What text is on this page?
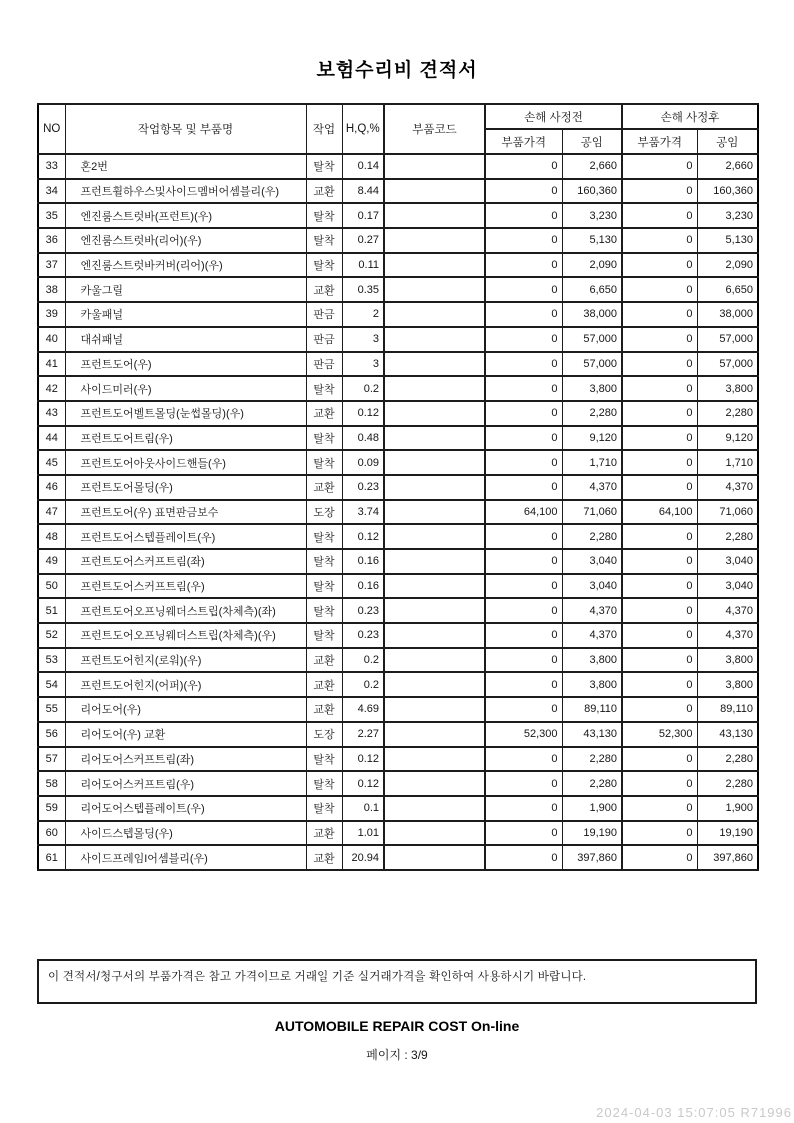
보험수리비 견적서
NO	작업항목 및 부품명	작업	H,Q,%	부품코드	손해 사정전		손해 사정후	
					부품가격	공임	부품가격	공임
33	혼2번	탈착	0.14		0	2,660	0	2,660
34	프런트휠하우스및사이드멤버어셈블리(우)	교환	8.44		0	160,360	0	160,360
35	엔진룸스트럿바(프런트)(우)	탈착	0.17		0	3,230	0	3,230
36	엔진룸스트럿바(리어)(우)	탈착	0.27		0	5,130	0	5,130
37	엔진룸스트럿바커버(리어)(우)	탈착	0.11		0	2,090	0	2,090
38	카울그릴	교환	0.35		0	6,650	0	6,650
39	카울패널	판금	2		0	38,000	0	38,000
40	대쉬패널	판금	3		0	57,000	0	57,000
41	프런트도어(우)	판금	3		0	57,000	0	57,000
42	사이드미러(우)	탈착	0.2		0	3,800	0	3,800
43	프런트도어벨트몰딩(눈썹몰딩)(우)	교환	0.12		0	2,280	0	2,280
44	프런트도어트림(우)	탈착	0.48		0	9,120	0	9,120
45	프런트도어아웃사이드핸들(우)	탈착	0.09		0	1,710	0	1,710
46	프런트도어몰딩(우)	교환	0.23		0	4,370	0	4,370
47	프런트도어(우) 표면판금보수	도장	3.74		64,100	71,060	64,100	71,060
48	프런트도어스텝플레이트(우)	탈착	0.12		0	2,280	0	2,280
49	프런트도어스커프트림(좌)	탈착	0.16		0	3,040	0	3,040
50	프런트도어스커프트림(우)	탈착	0.16		0	3,040	0	3,040
51	프런트도어오프닝웨더스트립(차체측)(좌)	탈착	0.23		0	4,370	0	4,370
52	프런트도어오프닝웨더스트립(차체측)(우)	탈착	0.23		0	4,370	0	4,370
53	프런트도어힌지(로워)(우)	교환	0.2		0	3,800	0	3,800
54	프런트도어힌지(어퍼)(우)	교환	0.2		0	3,800	0	3,800
55	리어도어(우)	교환	4.69		0	89,110	0	89,110
56	리어도어(우) 교환	도장	2.27		52,300	43,130	52,300	43,130
57	리어도어스커프트림(좌)	탈착	0.12		0	2,280	0	2,280
58	리어도어스커프트림(우)	탈착	0.12		0	2,280	0	2,280
59	리어도어스텝플레이트(우)	탈착	0.1		0	1,900	0	1,900
60	사이드스텝몰딩(우)	교환	1.01		0	19,190	0	19,190
61	사이드프레임I어셈블리(우)	교환	20.94		0	397,860	0	397,860
이 견적서/청구서의 부품가격은 참고 가격이므로 거래일 기준 실거래가격을 확인하여 사용하시기 바랍니다.
AUTOMOBILE REPAIR COST On-line
페이지 : 3/9
2024-04-03 15:07:05 R71996
